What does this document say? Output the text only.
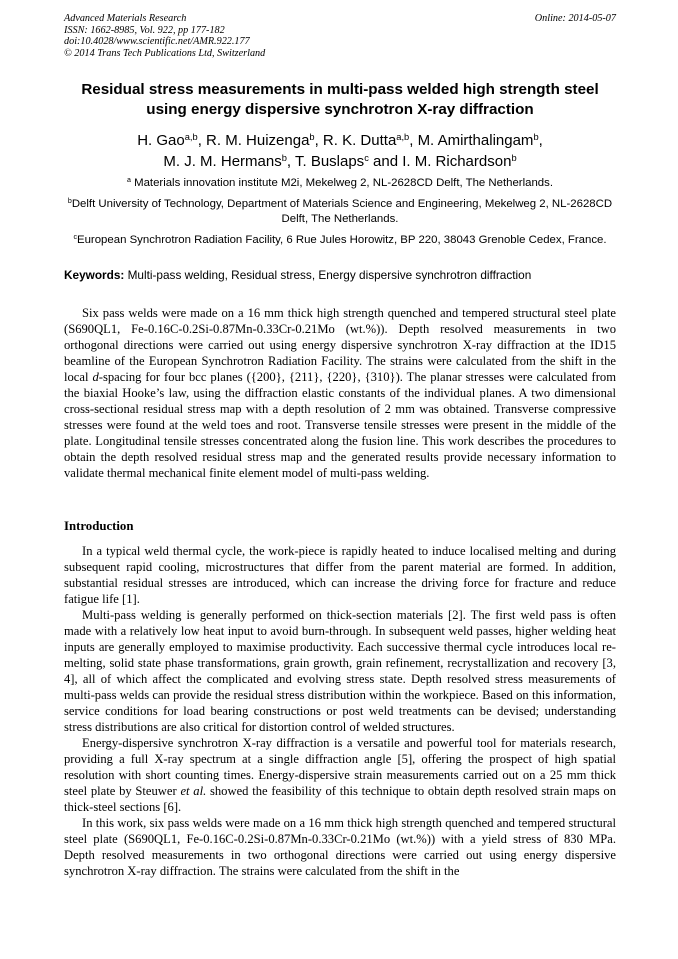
Advanced Materials Research
ISSN: 1662-8985, Vol. 922, pp 177-182
doi:10.4028/www.scientific.net/AMR.922.177
© 2014 Trans Tech Publications Ltd, Switzerland
Online: 2014-05-07
Residual stress measurements in multi-pass welded high strength steel
using energy dispersive synchrotron X-ray diffraction
H. Gao$^{a,b}$, R. M. Huizenga$^b$, R. K. Dutta$^{a,b}$, M. Amirthalingam$^b$,
M. J. M. Hermans$^b$, T. Buslaps$^c$ and I. M. Richardson$^b$
$^a$ Materials innovation institute M2i, Mekelweg 2, NL-2628CD Delft, The Netherlands.
$^b$Delft University of Technology, Department of Materials Science and Engineering, Mekelweg 2, NL-2628CD Delft, The Netherlands.
$^c$European Synchrotron Radiation Facility, 6 Rue Jules Horowitz, BP 220, 38043 Grenoble Cedex, France.
Keywords: Multi-pass welding, Residual stress, Energy dispersive synchrotron diffraction

Six pass welds were made on a 16 mm thick high strength quenched and tempered structural steel plate (S690QL1, Fe-0.16C-0.2Si-0.87Mn-0.33Cr-0.21Mo (wt.%)). Depth resolved measurements in two orthogonal directions were carried out using energy dispersive synchrotron X-ray diffraction at the ID15 beamline of the European Synchrotron Radiation Facility. The strains were calculated from the shift in the local d-spacing for four bcc planes ({200}, {211}, {220}, {310}). The planar stresses were calculated from the biaxial Hooke’s law, using the diffraction elastic constants of the individual planes. A two dimensional cross-sectional residual stress map with a depth resolution of 2 mm was obtained. Transverse compressive stresses were found at the weld toes and root. Transverse tensile stresses were present in the middle of the plate. Longitudinal tensile stresses concentrated along the fusion line. This work describes the procedures to obtain the depth resolved residual stress map and the generated results provide necessary information to validate thermal mechanical finite element model of multi-pass welding.

Introduction

In a typical weld thermal cycle, the work-piece is rapidly heated to induce localised melting and during subsequent rapid cooling, microstructures that differ from the parent material are formed. In addition, substantial residual stresses are introduced, which can increase the driving force for fracture and reduce fatigue life [1].

Multi-pass welding is generally performed on thick-section materials [2]. The first weld pass is often made with a relatively low heat input to avoid burn-through. In subsequent weld passes, higher welding heat inputs are generally employed to maximise productivity. Each successive thermal cycle introduces local re-melting, solid state phase transformations, grain growth, grain refinement, recrystallization and recovery [3, 4], all of which affect the complicated and evolving stress state. Depth resolved stress measurements of multi-pass welds can provide the residual stress distribution within the workpiece. Based on this information, service conditions for load bearing constructions or post weld treatments can be devised; understanding stress distributions are also critical for distortion control of welded structures.

Energy-dispersive synchrotron X-ray diffraction is a versatile and powerful tool for materials research, providing a full X-ray spectrum at a single diffraction angle [5], offering the prospect of high spatial resolution with short counting times. Energy-dispersive strain measurements carried out on a 25 mm thick steel plate by Steuwer et al. showed the feasibility of this technique to obtain depth resolved strain maps on thick-steel sections [6].

In this work, six pass welds were made on a 16 mm thick high strength quenched and tempered structural steel plate (S690QL1, Fe-0.16C-0.2Si-0.87Mn-0.33Cr-0.21Mo (wt.%)) with a yield stress of 830 MPa. Depth resolved measurements in two orthogonal directions were carried out using energy dispersive synchrotron X-ray diffraction. The strains were calculated from the shift in the
